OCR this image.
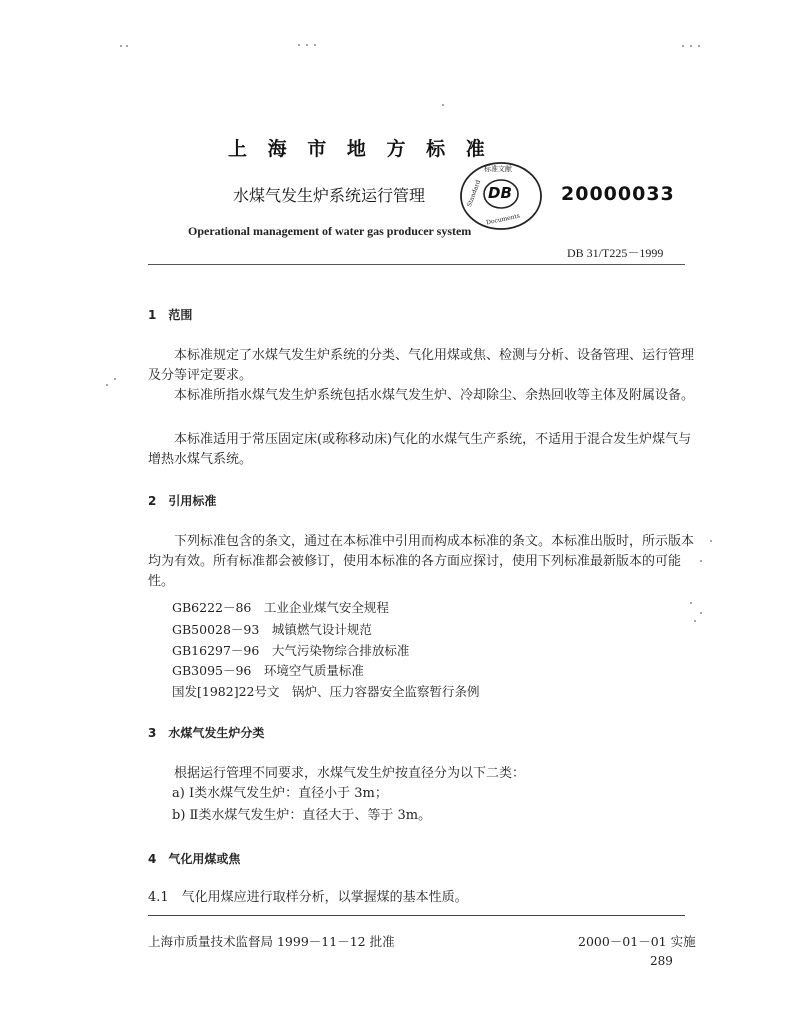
上 海 市 地 方 标 准
水煤气发生炉系统运行管理	DB
标准文献
Standard
Documents
20000033
Operational management of water gas producer system
DB 31/T225－1999
1　范围
本标准规定了水煤气发生炉系统的分类、气化用煤或焦、检测与分析、设备管理、运行管理及分等评定要求。
本标准所指水煤气发生炉系统包括水煤气发生炉、冷却除尘、余热回收等主体及附属设备。
本标准适用于常压固定床(或称移动床)气化的水煤气生产系统，不适用于混合发生炉煤气与增热水煤气系统。
2　引用标准
下列标准包含的条文，通过在本标准中引用而构成本标准的条文。本标准出版时，所示版本均为有效。所有标准都会被修订，使用本标准的各方面应探讨，使用下列标准最新版本的可能性。
GB6222－86　工业企业煤气安全规程
GB50028－93　城镇燃气设计规范
GB16297－96　大气污染物综合排放标准
GB3095－96　环境空气质量标准
国发[1982]22号文　锅炉、压力容器安全监察暂行条例
3　水煤气发生炉分类
根据运行管理不同要求，水煤气发生炉按直径分为以下二类：
a) Ⅰ类水煤气发生炉：直径小于 3m；
b) Ⅱ类水煤气发生炉：直径大于、等于 3m。
4　气化用煤或焦
4.1　气化用煤应进行取样分析，以掌握煤的基本性质。
上海市质量技术监督局 1999－11－12 批准	2000－01－01 实施
289
